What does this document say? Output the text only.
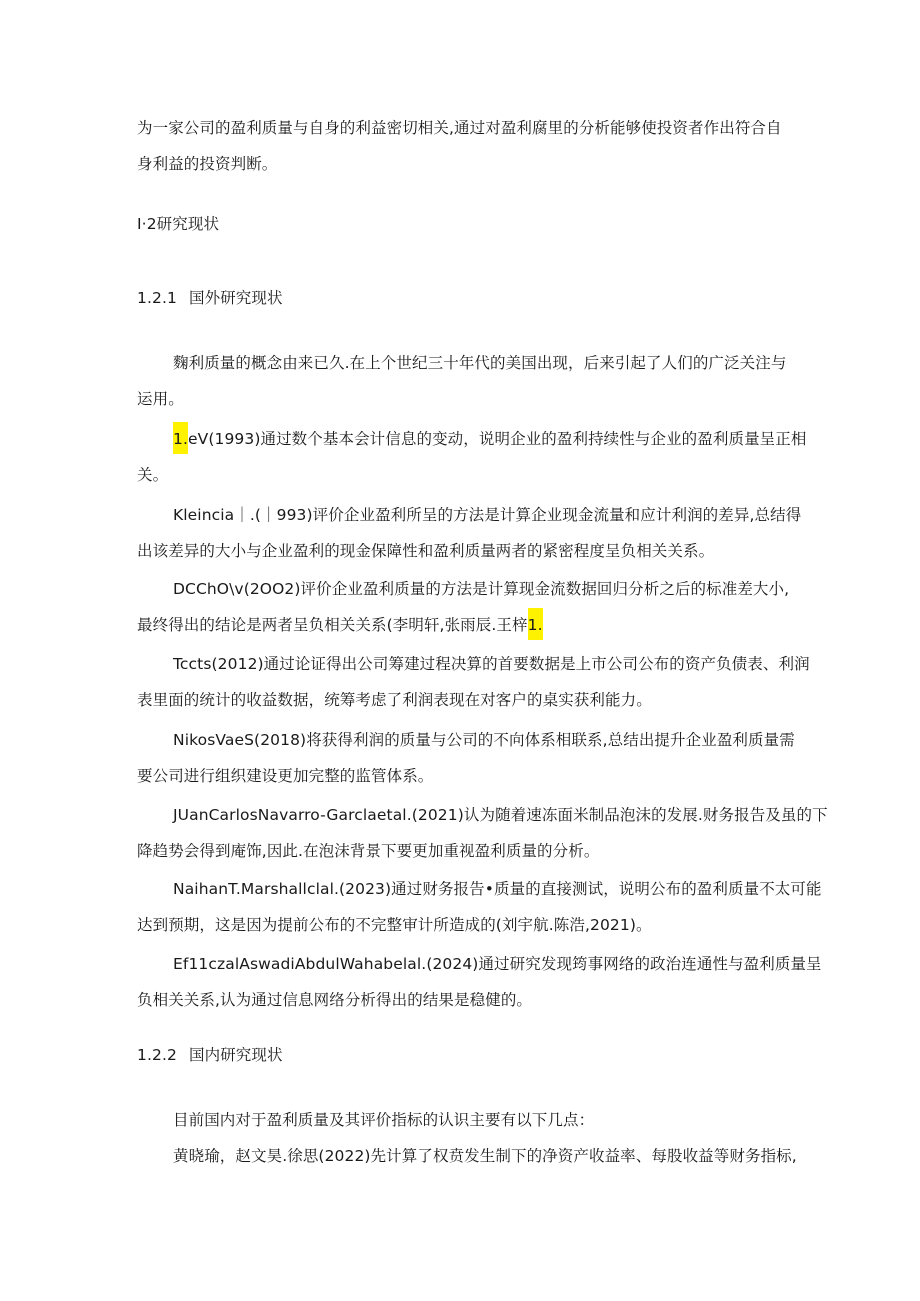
为一家公司的盈利质量与自身的利益密切相关,通过对盈利腐里的分析能够使投资者作出符合自
身利益的投资判断。
I·2研究现状
1.2.1 国外研究现状
麴利质量的概念由来已久.在上个世纪三十年代的美国出现，后来引起了人们的广泛关注与
运用。
1.eV(1993)通过数个基本会计信息的变动，说明企业的盈利持续性与企业的盈利质量呈正相
关。
Kleincia｜.(｜993)评价企业盈利所呈的方法是计算企业现金流量和应计利润的差异,总结得
出该差异的大小与企业盈利的现金保障性和盈利质量两者的紧密程度呈负相关关系。
DCChO\v(2OO2)评价企业盈利质量的方法是计算现金流数据回归分析之后的标准差大小,
最终得出的结论是两者呈负相关关系(李明轩,张雨辰.王梓1.
Tccts(2012)通过论证得出公司筹建过程决算的首要数据是上市公司公布的资产负债表、利润
表里面的统计的收益数据，统筹考虑了利润表现在对客户的桌实获利能力。
NikosVaeS(2018)将获得利润的质量与公司的不向体系相联系,总结出提升企业盈利质量需
要公司进行组织建设更加完整的监管体系。
JUanCarlosNavarro-Garclaetal.(2021)认为随着速冻面米制品泡沫的发展.财务报告及虽的下
降趋势会得到庵饰,因此.在泡沫背景下要更加重视盈利质量的分析。
NaihanT.Marshallclal.(2023)通过财务报告•质量的直接测试，说明公布的盈利质量不太可能
达到预期，这是因为提前公布的不完整审计所造成的(刘宇航.陈浩,2021)。
Ef11czalAswadiAbdulWahabelal.(2024)通过研究发现筠事网络的政治连通性与盈利质量呈
负相关关系,认为通过信息网络分析得出的结果是稳健的。
1.2.2 国内研究现状
目前国内对于盈利质量及其评价指标的认识主要有以下几点：
黄晓瑜，赵文昊.徐思(2022)先计算了权贲发生制下的净资产收益率、每股收益等财务指标,
